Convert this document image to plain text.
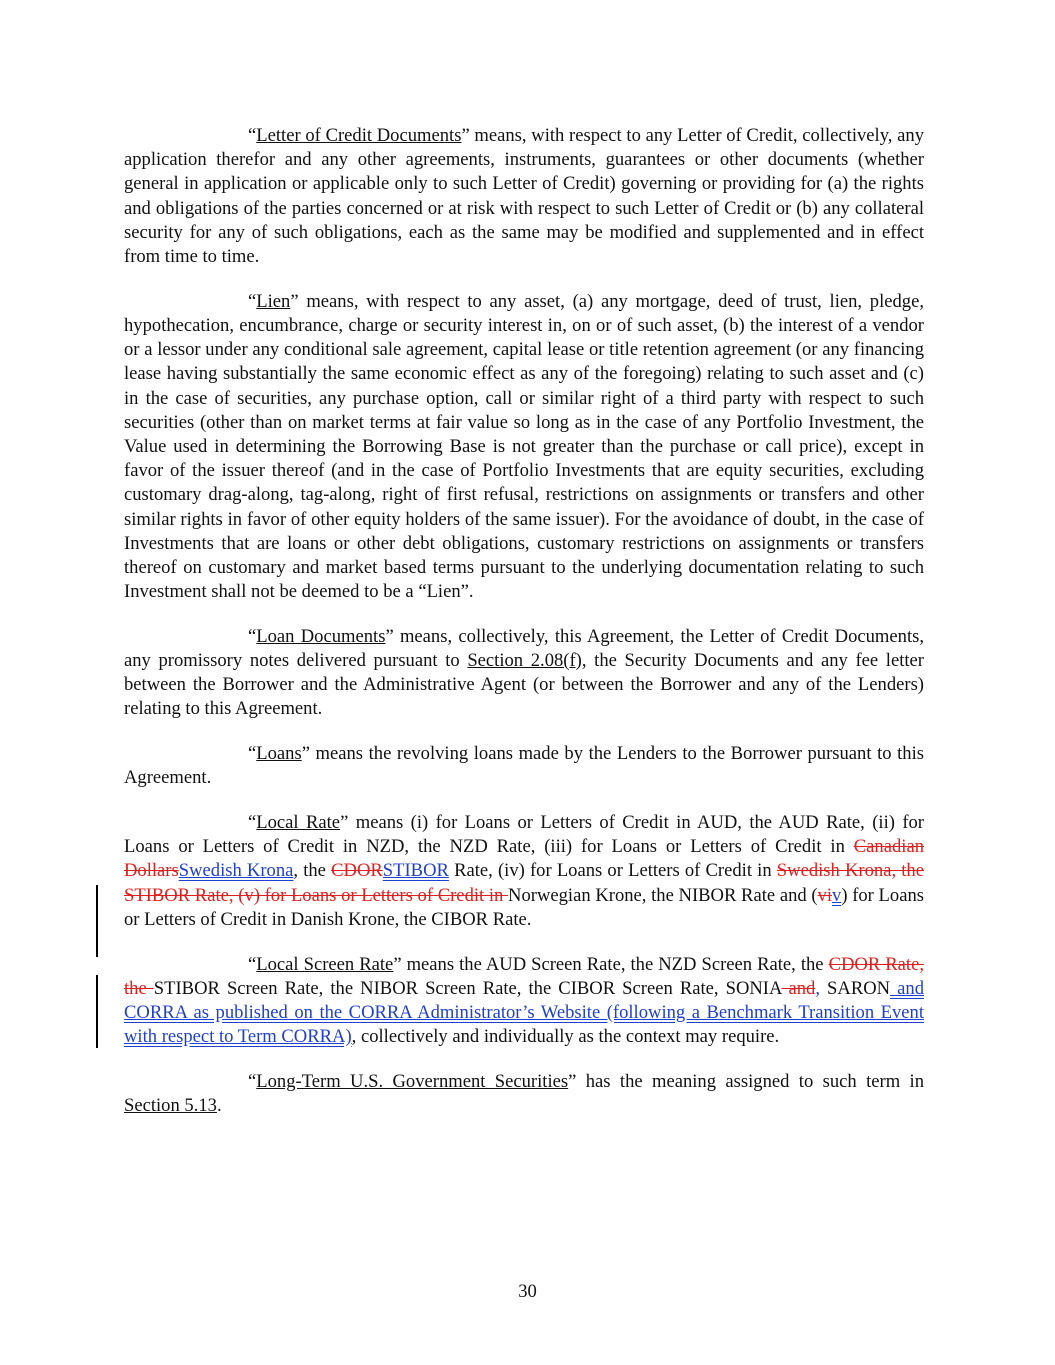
“Letter of Credit Documents” means, with respect to any Letter of Credit, collectively, any application therefor and any other agreements, instruments, guarantees or other documents (whether general in application or applicable only to such Letter of Credit) governing or providing for (a) the rights and obligations of the parties concerned or at risk with respect to such Letter of Credit or (b) any collateral security for any of such obligations, each as the same may be modified and supplemented and in effect from time to time.

“Lien” means, with respect to any asset, (a) any mortgage, deed of trust, lien, pledge, hypothecation, encumbrance, charge or security interest in, on or of such asset, (b) the interest of a vendor or a lessor under any conditional sale agreement, capital lease or title retention agreement (or any financing lease having substantially the same economic effect as any of the foregoing) relating to such asset and (c) in the case of securities, any purchase option, call or similar right of a third party with respect to such securities (other than on market terms at fair value so long as in the case of any Portfolio Investment, the Value used in determining the Borrowing Base is not greater than the purchase or call price), except in favor of the issuer thereof (and in the case of Portfolio Investments that are equity securities, excluding customary drag-along, tag-along, right of first refusal, restrictions on assignments or transfers and other similar rights in favor of other equity holders of the same issuer). For the avoidance of doubt, in the case of Investments that are loans or other debt obligations, customary restrictions on assignments or transfers thereof on customary and market based terms pursuant to the underlying documentation relating to such Investment shall not be deemed to be a “Lien”.

“Loan Documents” means, collectively, this Agreement, the Letter of Credit Documents, any promissory notes delivered pursuant to Section 2.08(f), the Security Documents and any fee letter between the Borrower and the Administrative Agent (or between the Borrower and any of the Lenders) relating to this Agreement.

“Loans” means the revolving loans made by the Lenders to the Borrower pursuant to this Agreement.

“Local Rate” means (i) for Loans or Letters of Credit in AUD, the AUD Rate, (ii) for Loans or Letters of Credit in NZD, the NZD Rate, (iii) for Loans or Letters of Credit in Canadian DollarsSwedish Krona, the CDORSTIBOR Rate, (iv) for Loans or Letters of Credit in Swedish Krona, the STIBOR Rate, (v) for Loans or Letters of Credit in Norwegian Krone, the NIBOR Rate and (viv) for Loans or Letters of Credit in Danish Krone, the CIBOR Rate.

“Local Screen Rate” means the AUD Screen Rate, the NZD Screen Rate, the CDOR Rate, the STIBOR Screen Rate, the NIBOR Screen Rate, the CIBOR Screen Rate, SONIA and, SARON and CORRA as published on the CORRA Administrator’s Website (following a Benchmark Transition Event with respect to Term CORRA), collectively and individually as the context may require.

“Long-Term U.S. Government Securities” has the meaning assigned to such term in Section 5.13.

30
